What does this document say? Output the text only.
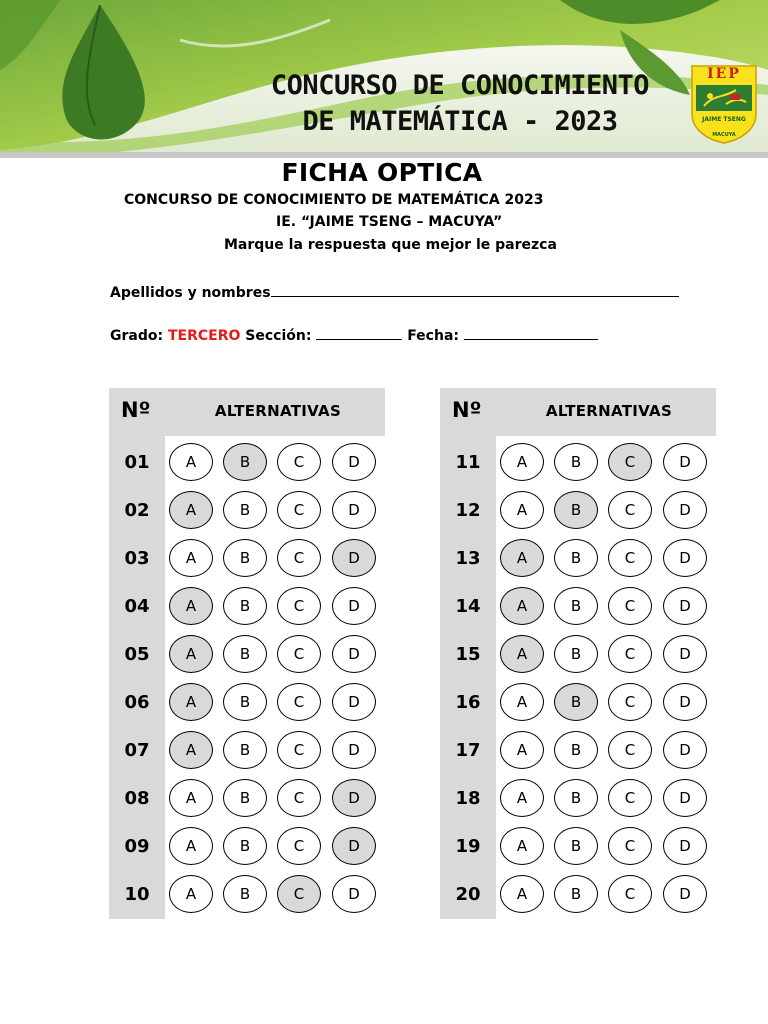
CONCURSO DE CONOCIMIENTO
DE MATEMÁTICA - 2023
IEP
JAIME TSENG
MACUYA
FICHA OPTICA
CONCURSO DE CONOCIMIENTO DE MATEMÁTICA 2023
IE. “JAIME TSENG – MACUYA”
Marque la respuesta que mejor le parezca
Apellidos y nombres
Grado: TERCERO Sección:	Fecha:
Nº	ALTERNATIVAS
01	A	B	C	D
02	A	B	C	D
03	A	B	C	D
04	A	B	C	D
05	A	B	C	D
06	A	B	C	D
07	A	B	C	D
08	A	B	C	D
09	A	B	C	D
10	A	B	C	D
Nº	ALTERNATIVAS
11	A	B	C	D
12	A	B	C	D
13	A	B	C	D
14	A	B	C	D
15	A	B	C	D
16	A	B	C	D
17	A	B	C	D
18	A	B	C	D
19	A	B	C	D
20	A	B	C	D
